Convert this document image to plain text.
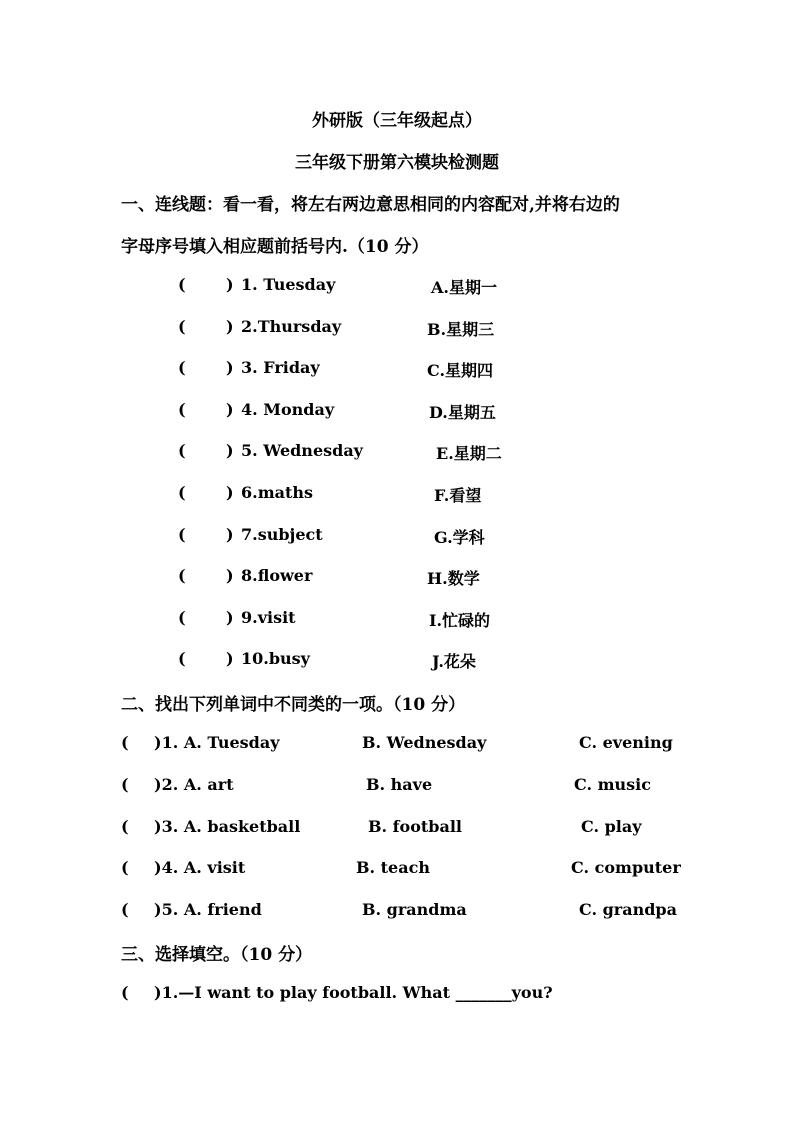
外研版（三年级起点）
三年级下册第六模块检测题
一、连线题：看一看，将左右两边意思相同的内容配对,并将右边的
字母序号填入相应题前括号内.（10 分）
(	) 1. Tuesday	A.星期一
(	) 2.Thursday	B.星期三
(	) 3. Friday	C.星期四
(	) 4. Monday	D.星期五
(	) 5. Wednesday	E.星期二
(	) 6.maths	F.看望
(	) 7.subject	G.学科
(	) 8.flower	H.数学
(	) 9.visit	I.忙碌的
(	) 10.busy	J.花朵
二、找出下列单词中不同类的一项。（10 分）
( )1. A. Tuesday	B. Wednesday	C. evening
( )2. A. art	B. have	C. music
( )3. A. basketball	B. football	C. play
( )4. A. visit	B. teach	C. computer
( )5. A. friend	B. grandma	C. grandpa
三、选择填空。（10 分）
( )1.—I want to play football. What _______you?
